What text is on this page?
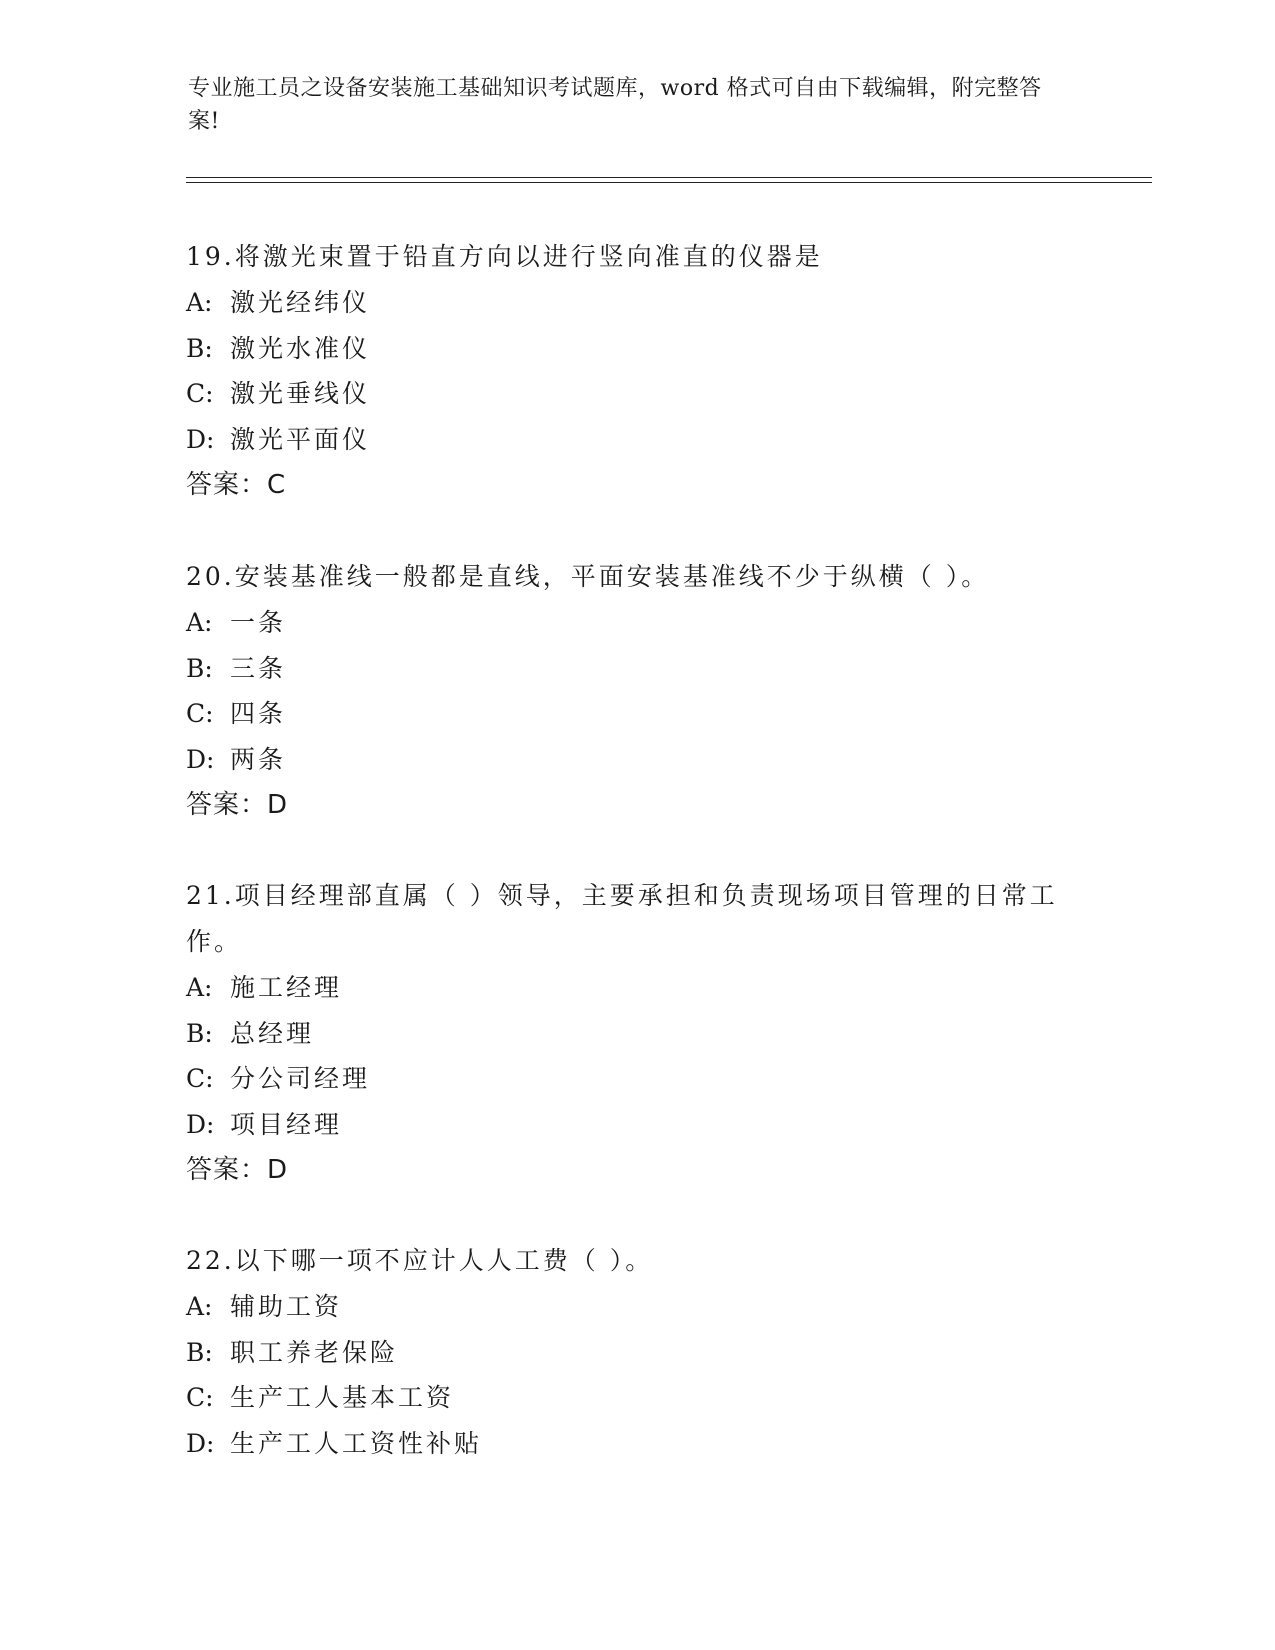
专业施工员之设备安装施工基础知识考试题库，word 格式可自由下载编辑，附完整答案!

19.将激光束置于铅直方向以进行竖向准直的仪器是

A: 激光经纬仪

B: 激光水准仪

C: 激光垂线仪

D: 激光平面仪

答案：C

20.安装基准线一般都是直线，平面安装基准线不少于纵横（ ）。

A: 一条

B: 三条

C: 四条

D: 两条

答案：D

21.项目经理部直属（ ）领导，主要承担和负责现场项目管理的日常工作。

A: 施工经理

B: 总经理

C: 分公司经理

D: 项目经理

答案：D

22.以下哪一项不应计人人工费（ ）。

A: 辅助工资

B: 职工养老保险

C: 生产工人基本工资

D: 生产工人工资性补贴
